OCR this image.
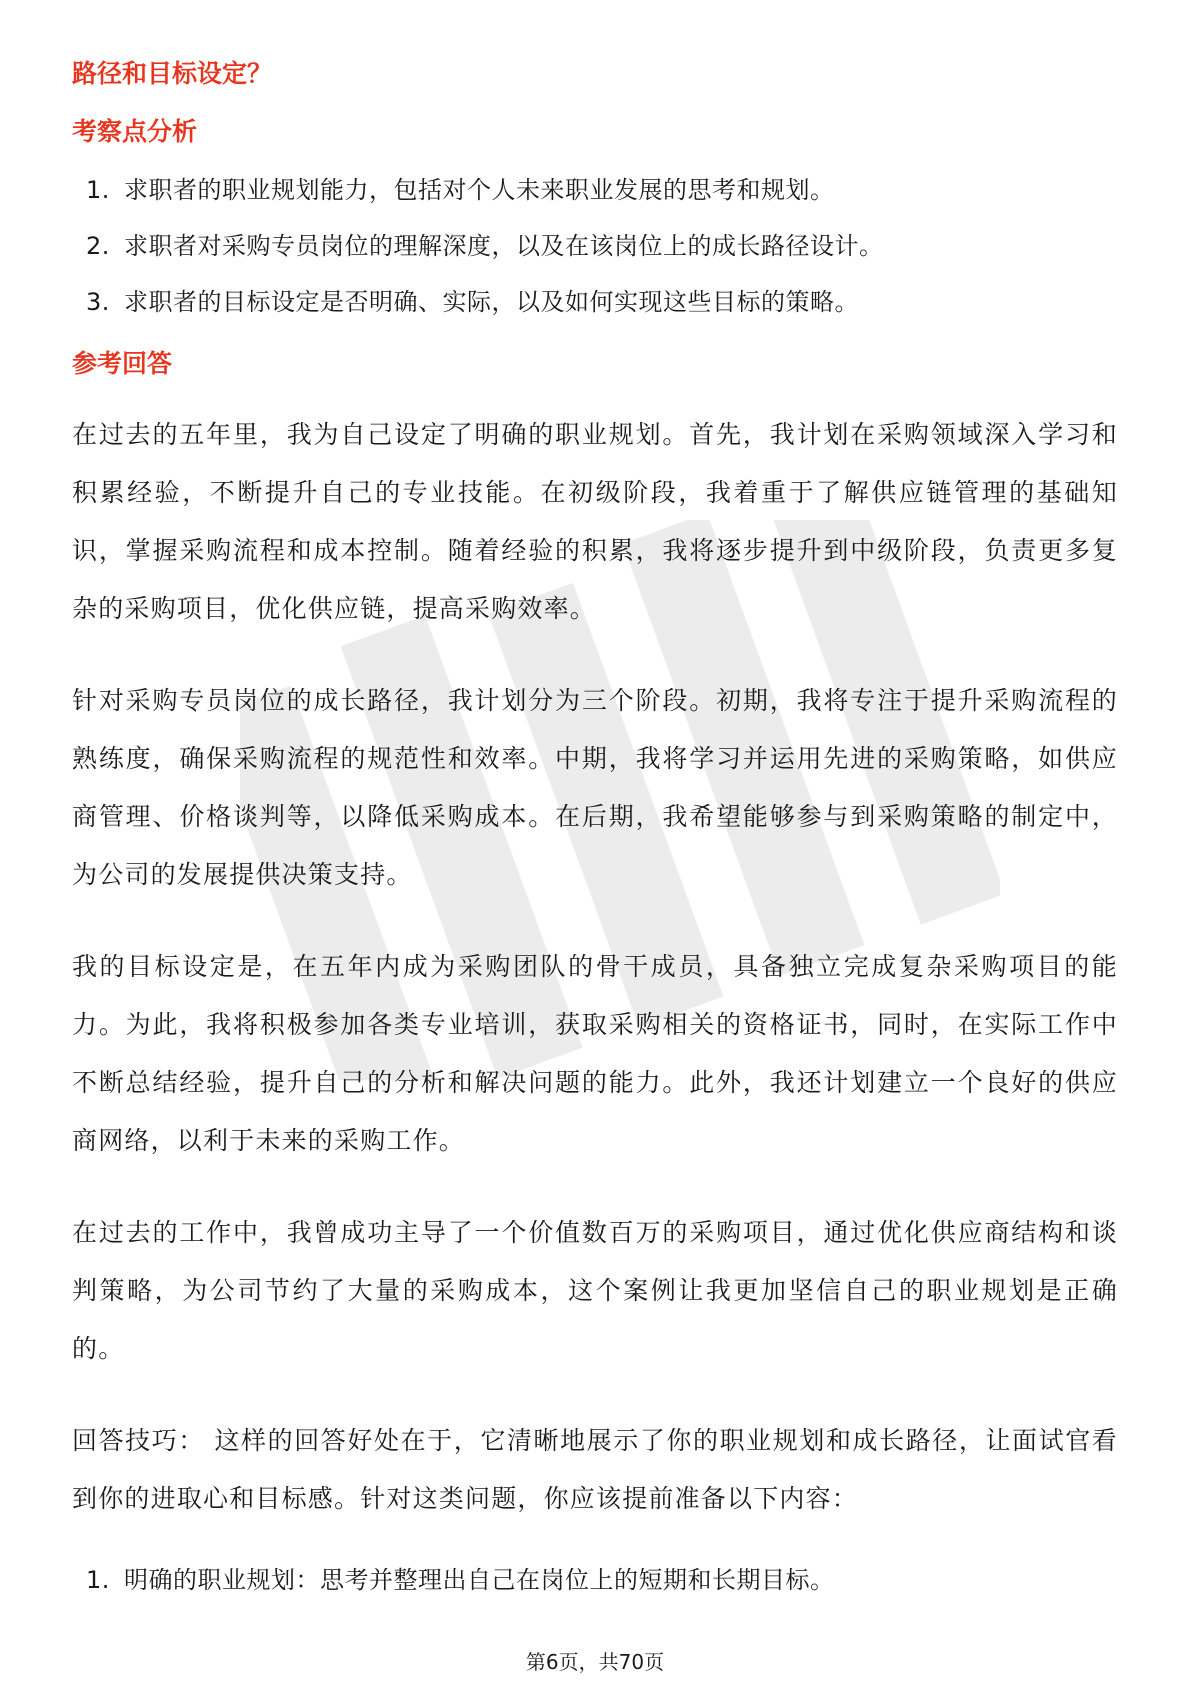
路径和目标设定？
考察点分析
1. 求职者的职业规划能力，包括对个人未来职业发展的思考和规划。
2. 求职者对采购专员岗位的理解深度，以及在该岗位上的成长路径设计。
3. 求职者的目标设定是否明确、实际，以及如何实现这些目标的策略。
参考回答

在过去的五年里，我为自己设定了明确的职业规划。首先，我计划在采购领域深入学习和积累经验，不断提升自己的专业技能。在初级阶段，我着重于了解供应链管理的基础知识，掌握采购流程和成本控制。随着经验的积累，我将逐步提升到中级阶段，负责更多复杂的采购项目，优化供应链，提高采购效率。

针对采购专员岗位的成长路径，我计划分为三个阶段。初期，我将专注于提升采购流程的熟练度，确保采购流程的规范性和效率。中期，我将学习并运用先进的采购策略，如供应商管理、价格谈判等，以降低采购成本。在后期，我希望能够参与到采购策略的制定中，为公司的发展提供决策支持。

我的目标设定是，在五年内成为采购团队的骨干成员，具备独立完成复杂采购项目的能力。为此，我将积极参加各类专业培训，获取采购相关的资格证书，同时，在实际工作中不断总结经验，提升自己的分析和解决问题的能力。此外，我还计划建立一个良好的供应商网络，以利于未来的采购工作。

在过去的工作中，我曾成功主导了一个价值数百万的采购项目，通过优化供应商结构和谈判策略，为公司节约了大量的采购成本，这个案例让我更加坚信自己的职业规划是正确的。

回答技巧： 这样的回答好处在于，它清晰地展示了你的职业规划和成长路径，让面试官看到你的进取心和目标感。针对这类问题，你应该提前准备以下内容：

1. 明确的职业规划：思考并整理出自己在岗位上的短期和长期目标。
第6页，共70页
